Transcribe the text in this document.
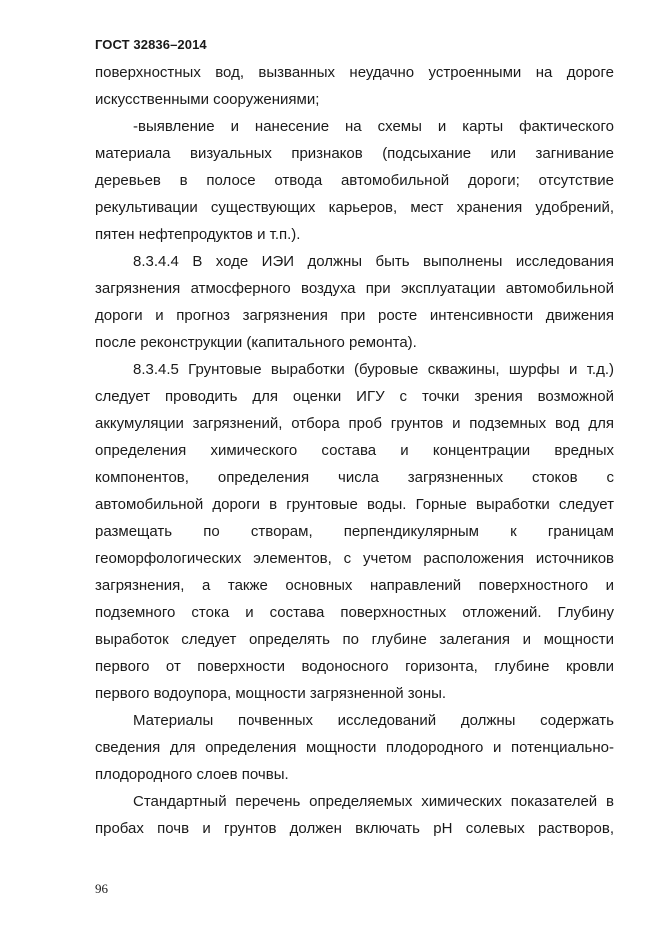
ГОСТ 32836–2014
поверхностных вод, вызванных неудачно устроенными на дороге
искусственными сооружениями;
-выявление и нанесение на схемы и карты фактического
материала визуальных признаков (подсыхание или загнивание
деревьев в полосе отвода автомобильной дороги; отсутствие
рекультивации существующих карьеров, мест хранения удобрений,
пятен нефтепродуктов и т.п.).
8.3.4.4 В ходе ИЭИ должны быть выполнены исследования
загрязнения атмосферного воздуха при эксплуатации автомобильной
дороги и прогноз загрязнения при росте интенсивности движения
после реконструкции (капитального ремонта).
8.3.4.5 Грунтовые выработки (буровые скважины, шурфы и т.д.)
следует проводить для оценки ИГУ с точки зрения возможной
аккумуляции загрязнений, отбора проб грунтов и подземных вод для
определения химического состава и концентрации вредных
компонентов, определения числа загрязненных стоков с
автомобильной дороги в грунтовые воды. Горные выработки следует
размещать по створам, перпендикулярным к границам
геоморфологических элементов, с учетом расположения источников
загрязнения, а также основных направлений поверхностного и
подземного стока и состава поверхностных отложений. Глубину
выработок следует определять по глубине залегания и мощности
первого от поверхности водоносного горизонта, глубине кровли
первого водоупора, мощности загрязненной зоны.
Материалы почвенных исследований должны содержать
сведения для определения мощности плодородного и потенциально-
плодородного слоев почвы.
Стандартный перечень определяемых химических показателей в
пробах почв и грунтов должен включать рН солевых растворов,
96
